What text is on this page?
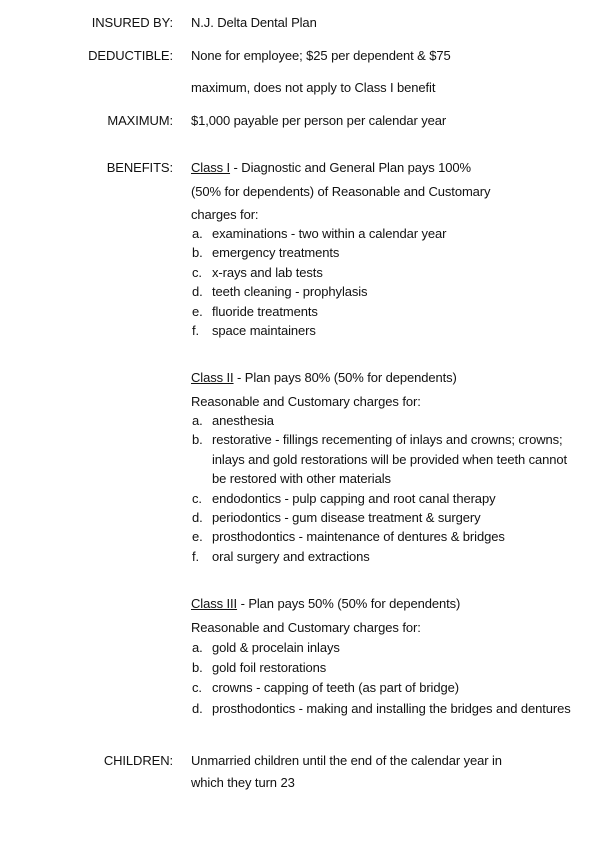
INSURED BY: N.J. Delta Dental Plan
DEDUCTIBLE: None for employee; $25 per dependent & $75
maximum, does not apply to Class I benefit
MAXIMUM: $1,000 payable per person per calendar year
BENEFITS: Class I - Diagnostic and General Plan pays 100%
(50% for dependents) of Reasonable and Customary
charges for:
a. examinations - two within a calendar year
b. emergency treatments
c. x-rays and lab tests
d. teeth cleaning - prophylasis
e. fluoride treatments
f. space maintainers
Class II - Plan pays 80% (50% for dependents)
Reasonable and Customary charges for:
a. anesthesia
b. restorative - fillings recementing of inlays and crowns; crowns;
inlays and gold restorations will be provided when teeth cannot
be restored with other materials
c. endodontics - pulp capping and root canal therapy
d. periodontics - gum disease treatment & surgery
e. prosthodontics - maintenance of dentures & bridges
f. oral surgery and extractions
Class III - Plan pays 50% (50% for dependents)
Reasonable and Customary charges for:
a. gold & procelain inlays
b. gold foil restorations
c. crowns - capping of teeth (as part of bridge)
d. prosthodontics - making and installing the bridges and dentures
CHILDREN: Unmarried children until the end of the calendar year in
which they turn 23
